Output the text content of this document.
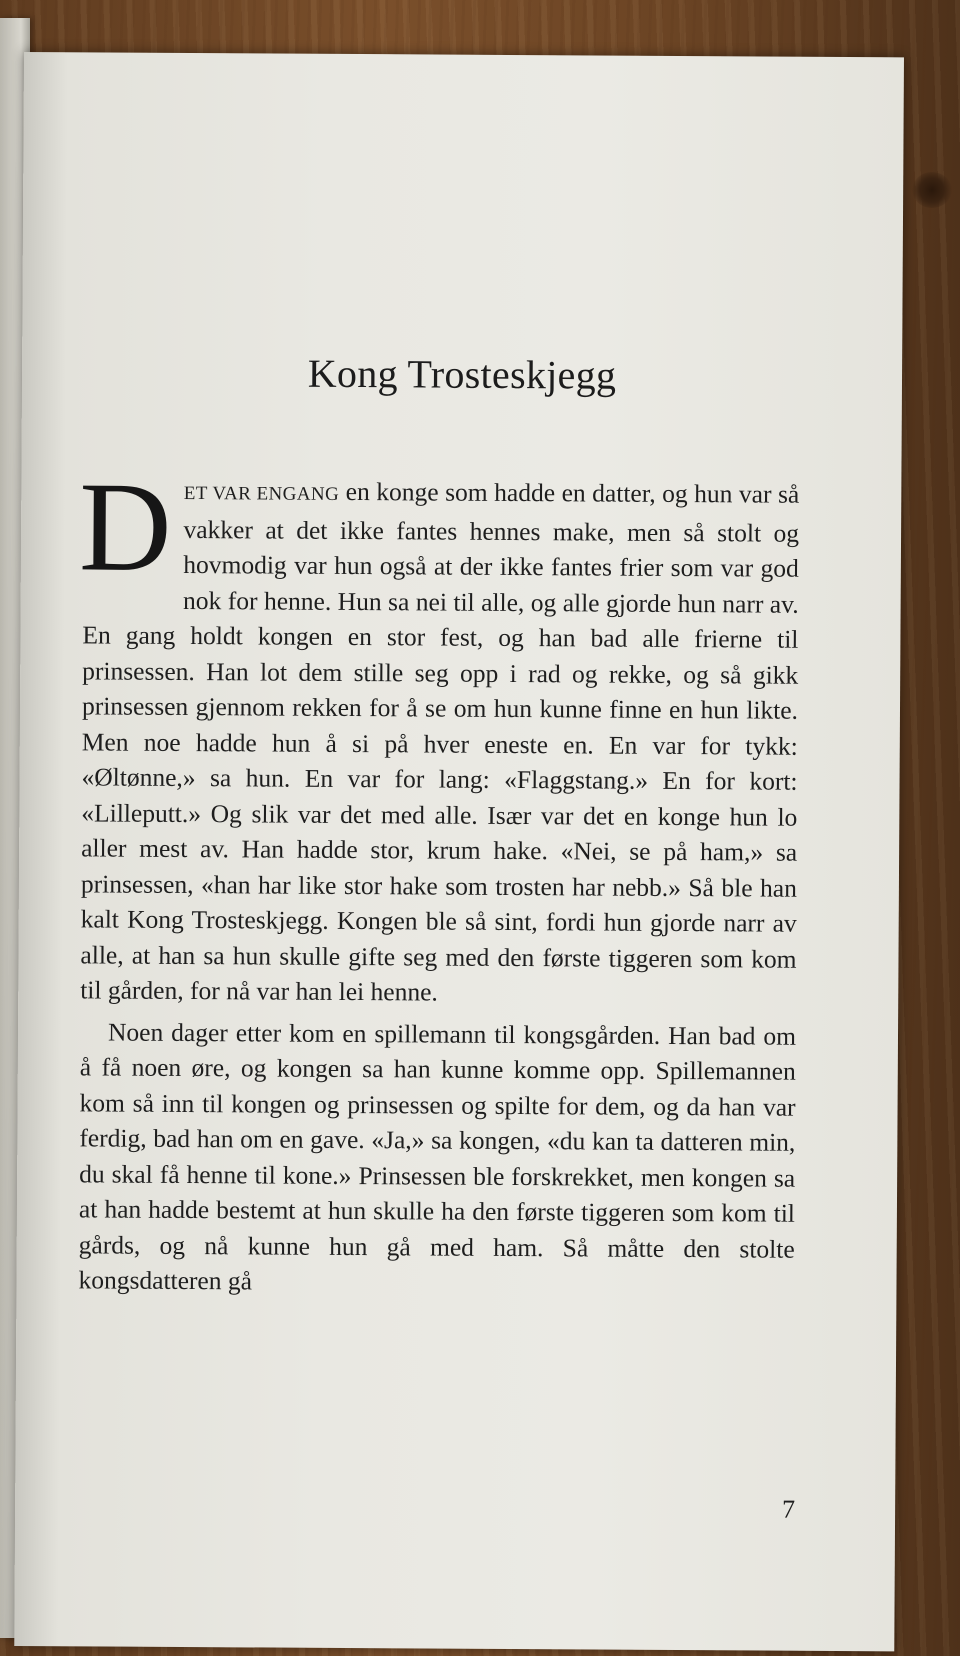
Kong Trosteskjegg

DET VAR ENGANG en konge som hadde en datter, og hun var så vakker at det ikke fantes hennes make, men så stolt og hovmodig var hun også at der ikke fantes frier som var god nok for henne. Hun sa nei til alle, og alle gjorde hun narr av. En gang holdt kongen en stor fest, og han bad alle frierne til prinsessen. Han lot dem stille seg opp i rad og rekke, og så gikk prinsessen gjennom rekken for å se om hun kunne finne en hun likte. Men noe hadde hun å si på hver eneste en. En var for tykk: «Øltønne,» sa hun. En var for lang: «Flaggstang.» En for kort: «Lilleputt.» Og slik var det med alle. Især var det en konge hun lo aller mest av. Han hadde stor, krum hake. «Nei, se på ham,» sa prinsessen, «han har like stor hake som trosten har nebb.» Så ble han kalt Kong Trosteskjegg. Kongen ble så sint, fordi hun gjorde narr av alle, at han sa hun skulle gifte seg med den første tiggeren som kom til gården, for nå var han lei henne.

Noen dager etter kom en spillemann til kongsgården. Han bad om å få noen øre, og kongen sa han kunne komme opp. Spillemannen kom så inn til kongen og prinsessen og spilte for dem, og da han var ferdig, bad han om en gave. «Ja,» sa kongen, «du kan ta datteren min, du skal få henne til kone.» Prinsessen ble forskrekket, men kongen sa at han hadde bestemt at hun skulle ha den første tiggeren som kom til gårds, og nå kunne hun gå med ham. Så måtte den stolte kongsdatteren gå

7
